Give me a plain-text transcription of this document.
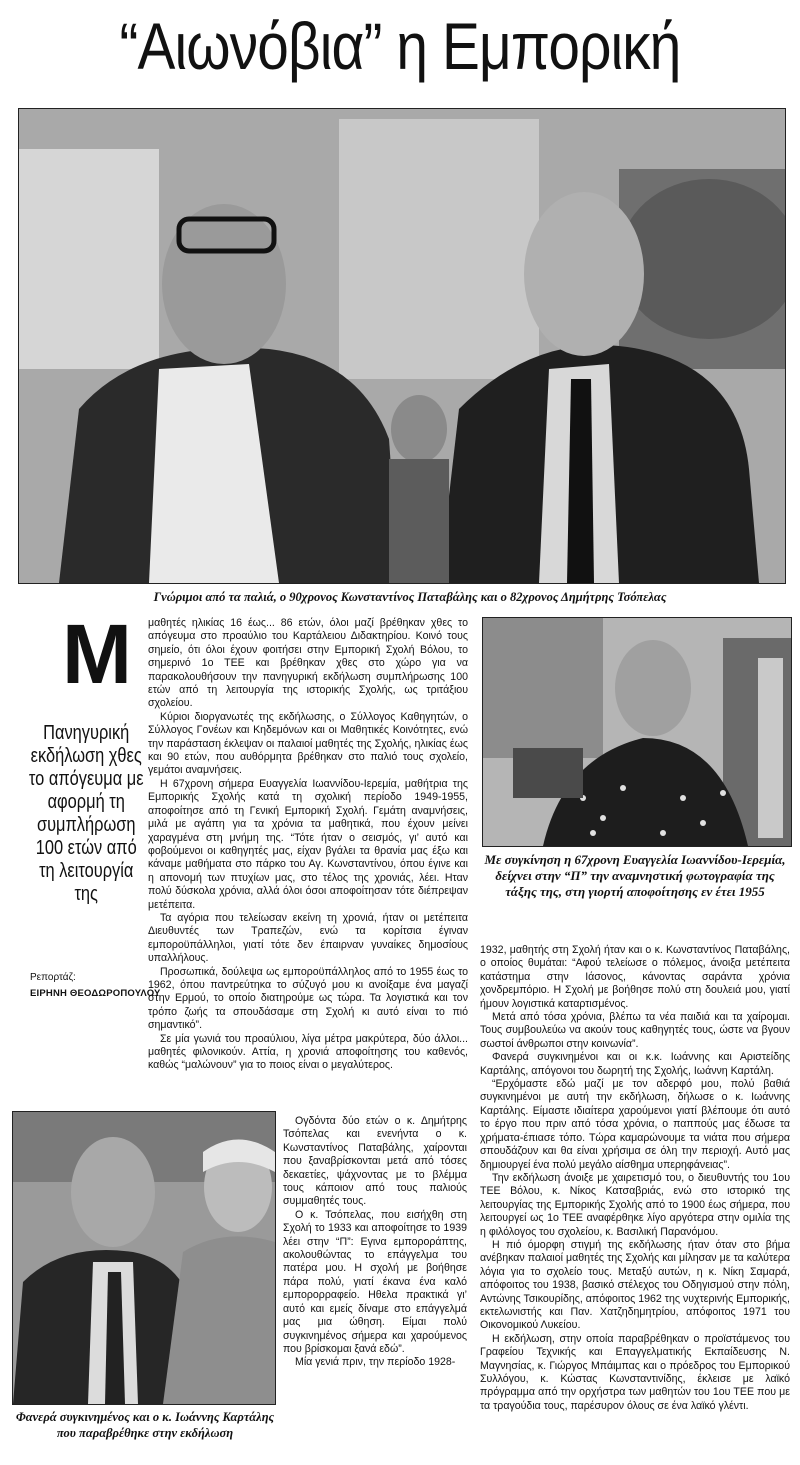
“Αιωνόβια” η Εμπορική
Γνώριμοι από τα παλιά, ο 90χρονος Κωνσταντίνος Παταβάλης και ο 82χρονος Δημήτρης Τσόπελας
Μ
Πανηγυρική εκδήλωση χθες το απόγευμα με αφορμή τη συμπλήρωση 100 ετών από τη λειτουργία της
Ρεπορτάζ:
ΕΙΡΗΝΗ ΘΕΟΔΩΡΟΠΟΥΛΟΥ

μαθητές ηλικίας 16 έως... 86 ετών, όλοι μαζί βρέθηκαν χθες το απόγευμα στο προαύλιο του Καρτάλειου Διδακτηρίου. Κοινό τους σημείο, ότι όλοι έχουν φοιτήσει στην Εμπορική Σχολή Βόλου, το σημερινό 1ο ΤΕΕ και βρέθηκαν χθες στο χώρο για να παρακολουθήσουν την πανηγυρική εκδήλωση συμπλήρωσης 100 ετών από τη λειτουργία της ιστορικής Σχολής, ως τριτάξιου σχολείου.

Κύριοι διοργανωτές της εκδήλωσης, ο Σύλλογος Καθηγητών, ο Σύλλογος Γονέων και Κηδεμόνων και οι Μαθητικές Κοινότητες, ενώ την παράσταση έκλεψαν οι παλαιοί μαθητές της Σχολής, ηλικίας έως και 90 ετών, που αυθόρμητα βρέθηκαν στο παλιό τους σχολείο, γεμάτοι αναμνήσεις.

Η 67χρονη σήμερα Ευαγγελία Ιωαννίδου-Ιερεμία, μαθήτρια της Εμπορικής Σχολής κατά τη σχολική περίοδο 1949-1955, αποφοίτησε από τη Γενική Εμπορική Σχολή. Γεμάτη αναμνήσεις, μιλά με αγάπη για τα χρόνια τα μαθητικά, που έχουν μείνει χαραγμένα στη μνήμη της. “Τότε ήταν ο σεισμός, γι’ αυτό και φοβούμενοι οι καθηγητές μας, είχαν βγάλει τα θρανία μας έξω και κάναμε μαθήματα στο πάρκο του Αγ. Κωνσταντίνου, όπου έγινε και η απονομή των πτυχίων μας, στο τέλος της χρονιάς, λέει. Ηταν πολύ δύσκολα χρόνια, αλλά όλοι όσοι αποφοίτησαν τότε διέπρεψαν μετέπειτα.

Τα αγόρια που τελείωσαν εκείνη τη χρονιά, ήταν οι μετέπειτα Διευθυντές των Τραπεζών, ενώ τα κορίτσια έγιναν εμποροϋπάλληλοι, γιατί τότε δεν έπαιρναν γυναίκες δημοσίους υπαλλήλους.

Προσωπικά, δούλεψα ως εμποροϋπάλληλος από το 1955 έως το 1962, όπου παντρεύτηκα το σύζυγό μου κι ανοίξαμε ένα μαγαζί στην Ερμού, το οποίο διατηρούμε ως τώρα. Τα λογιστικά και τον τρόπο ζωής τα σπουδάσαμε στη Σχολή κι αυτό είναι το πιό σημαντικό”.

Σε μία γωνιά του προαύλιου, λίγα μέτρα μακρύτερα, δύο άλλοι... μαθητές φιλονικούν. Αττία, η χρονιά αποφοίτησης του καθενός, καθώς “μαλώνουν” για το ποιος είναι ο μεγαλύτερος.

Ογδόντα δύο ετών ο κ. Δημήτρης Τσόπελας και ενενήντα ο κ. Κωνσταντίνος Παταβάλης, χαίρονται που ξαναβρίσκονται μετά από τόσες δεκαετίες, ψάχνοντας με το βλέμμα τους κάποιον από τους παλιούς συμμαθητές τους.

Ο κ. Τσόπελας, που εισήχθη στη Σχολή το 1933 και αποφοίτησε το 1939 λέει στην “Π”: Εγινα εμποροράπτης, ακολουθώντας το επάγγελμα του πατέρα μου. Η σχολή με βοήθησε πάρα πολύ, γιατί έκανα ένα καλό εμπορορραφείο. Ηθελα πρακτικά γι’ αυτό και εμείς δίναμε στο επάγγελμά μας μια ώθηση. Είμαι πολύ συγκινημένος σήμερα και χαρούμενος που βρίσκομαι ξανά εδώ”.

Μία γενιά πριν, την περίοδο 1928-

Με συγκίνηση η 67χρονη Ευαγγελία Ιωαννίδου-Ιερεμία, δείχνει στην “Π” την αναμνηστική φωτογραφία της τάξης της, στη γιορτή αποφοίτησης εν έτει 1955

1932, μαθητής στη Σχολή ήταν και ο κ. Κωνσταντίνος Παταβάλης, ο οποίος θυμάται: “Αφού τελείωσε ο πόλεμος, άνοιξα μετέπειτα κατάστημα στην Ιάσονος, κάνοντας σαράντα χρόνια χονδρεμπόριο. Η Σχολή με βοήθησε πολύ στη δουλειά μου, γιατί ήμουν λογιστικά καταρτισμένος.

Μετά από τόσα χρόνια, βλέπω τα νέα παιδιά και τα χαίρομαι. Τους συμβουλεύω να ακούν τους καθηγητές τους, ώστε να βγουν σωστοί άνθρωποι στην κοινωνία”.

Φανερά συγκινημένοι και οι κ.κ. Ιωάννης και Αριστείδης Καρτάλης, απόγονοι του δωρητή της Σχολής, Ιωάννη Καρτάλη.

“Ερχόμαστε εδώ μαζί με τον αδερφό μου, πολύ βαθιά συγκινημένοι με αυτή την εκδήλωση, δήλωσε ο κ. Ιωάννης Καρτάλης. Είμαστε ιδιαίτερα χαρούμενοι γιατί βλέπουμε ότι αυτό το έργο που πριν από τόσα χρόνια, ο παππούς μας έδωσε τα χρήματα-έπιασε τόπο. Τώρα καμαρώνουμε τα νιάτα που σήμερα σπουδάζουν και θα είναι χρήσιμα σε όλη την περιοχή. Αυτό μας δημιουργεί ένα πολύ μεγάλο αίσθημα υπερηφάνειας”.

Την εκδήλωση άνοιξε με χαιρετισμό του, ο διευθυντής του 1ου ΤΕΕ Βόλου, κ. Νίκος Κατσαβριάς, ενώ στο ιστορικό της λειτουργίας της Εμπορικής Σχολής από το 1900 έως σήμερα, που λειτουργεί ως 1ο ΤΕΕ αναφέρθηκε λίγο αργότερα στην ομιλία της η φιλόλογος του σχολείου, κ. Βασιλική Παρανόμου.

Η πιό όμορφη στιγμή της εκδήλωσης ήταν όταν στο βήμα ανέβηκαν παλαιοί μαθητές της Σχολής και μίλησαν με τα καλύτερα λόγια για το σχολείο τους. Μεταξύ αυτών, η κ. Νίκη Σαμαρά, απόφοιτος του 1938, βασικό στέλεχος του Οδηγισμού στην πόλη, Αντώνης Τσικουρίδης, απόφοιτος 1962 της νυχτερινής Εμπορικής, εκτελωνιστής και Παν. Χατζηδημητρίου, απόφοιτος 1971 του Οικονομικού Λυκείου.

Η εκδήλωση, στην οποία παραβρέθηκαν ο προϊστάμενος του Γραφείου Τεχνικής και Επαγγελματικής Εκπαίδευσης Ν. Μαγνησίας, κ. Γιώργος Μπάιμπας και ο πρόεδρος του Εμπορικού Συλλόγου, κ. Κώστας Κωνσταντινίδης, έκλεισε με λαϊκό πρόγραμμα από την ορχήστρα των μαθητών του 1ου ΤΕΕ που με τα τραγούδια τους, παρέσυρον όλους σε ένα λαϊκό γλέντι.

Φανερά συγκινημένος και ο κ. Ιωάννης Καρτάλης που παραβρέθηκε στην εκδήλωση
